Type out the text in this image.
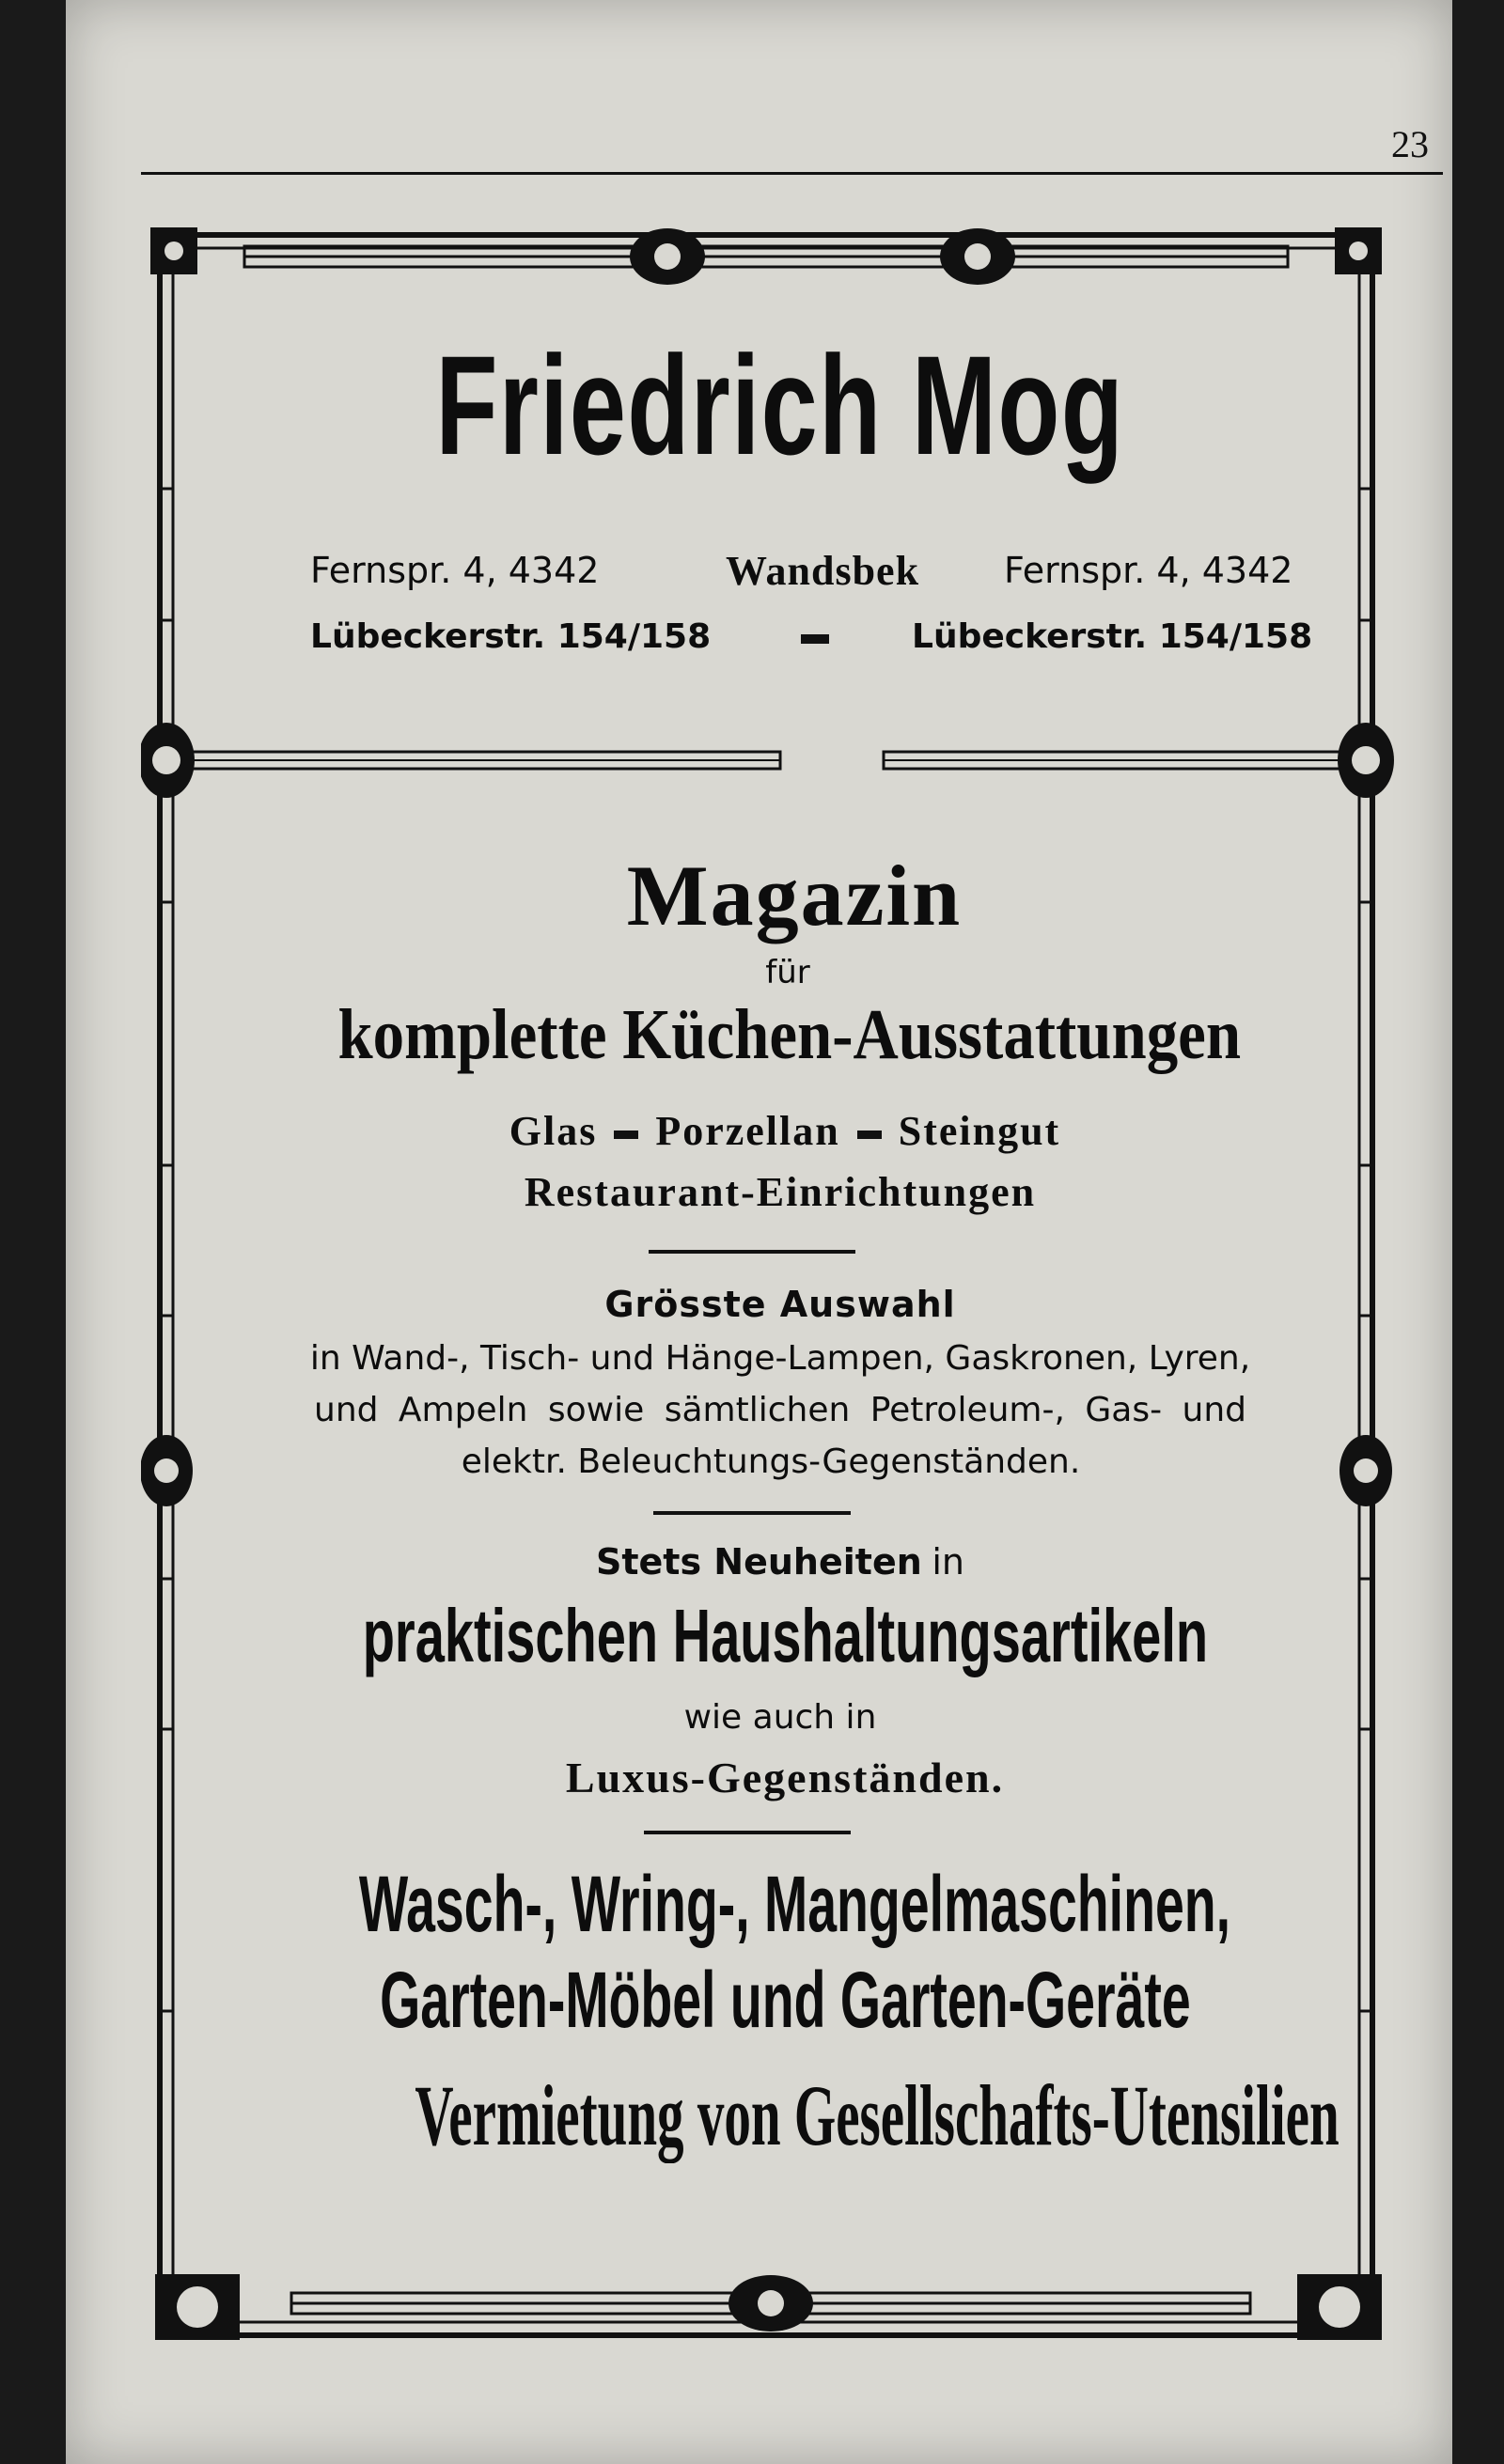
23
Friedrich Mog
Fernspr. 4, 4342	Wandsbek	Fernspr. 4, 4342
Lübeckerstr. 154/158	Lübeckerstr. 154/158
Magazin
für
komplette Küchen-Ausstattungen
Glas Porzellan Steingut
Restaurant-Einrichtungen
Grösste Auswahl
in Wand-, Tisch- und Hänge-Lampen, Gaskronen, Lyren,
und Ampeln sowie sämtlichen Petroleum-, Gas- und
elektr. Beleuchtungs-Gegenständen.
Stets Neuheiten in
praktischen Haushaltungsartikeln
wie auch in
Luxus-Gegenständen.
Wasch-, Wring-, Mangelmaschinen,
Garten-Möbel und Garten-Geräte
Vermietung von Gesellschafts-Utensilien
